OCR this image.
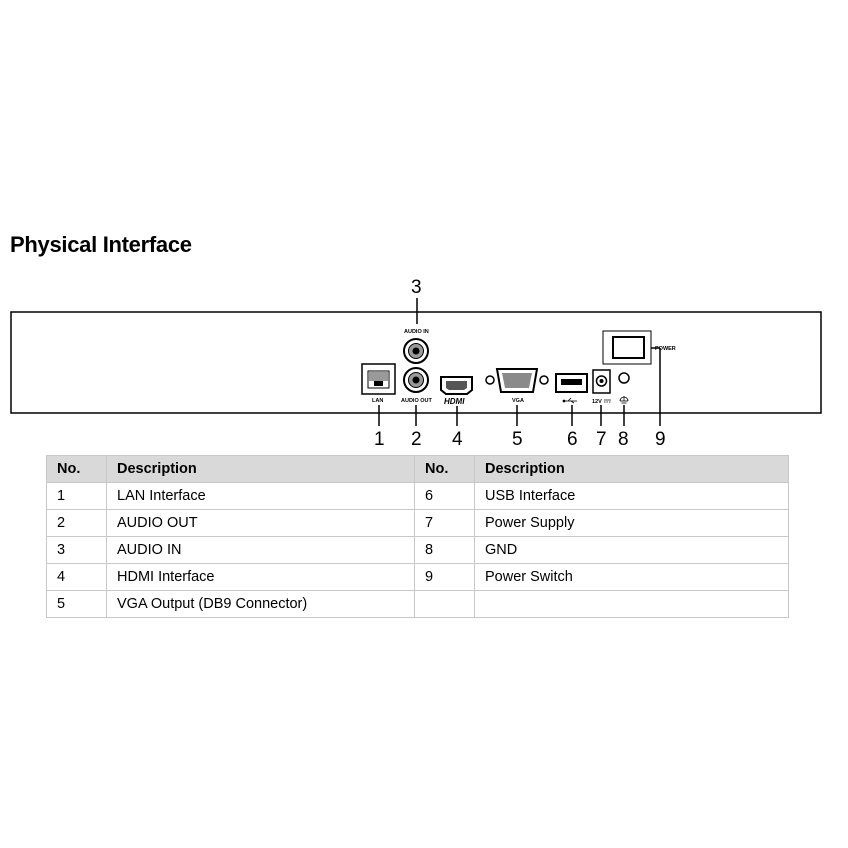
Physical Interface
LAN
AUDIO IN
AUDIO OUT HDMI	VGA	12V
POWER
3
1 2 4	5 6 7 8 9
No.	Description	No.	Description
1	LAN Interface	6	USB Interface
2	AUDIO OUT	7	Power Supply
3	AUDIO IN	8	GND
4	HDMI Interface	9	Power Switch
5	VGA Output (DB9 Connector)		
